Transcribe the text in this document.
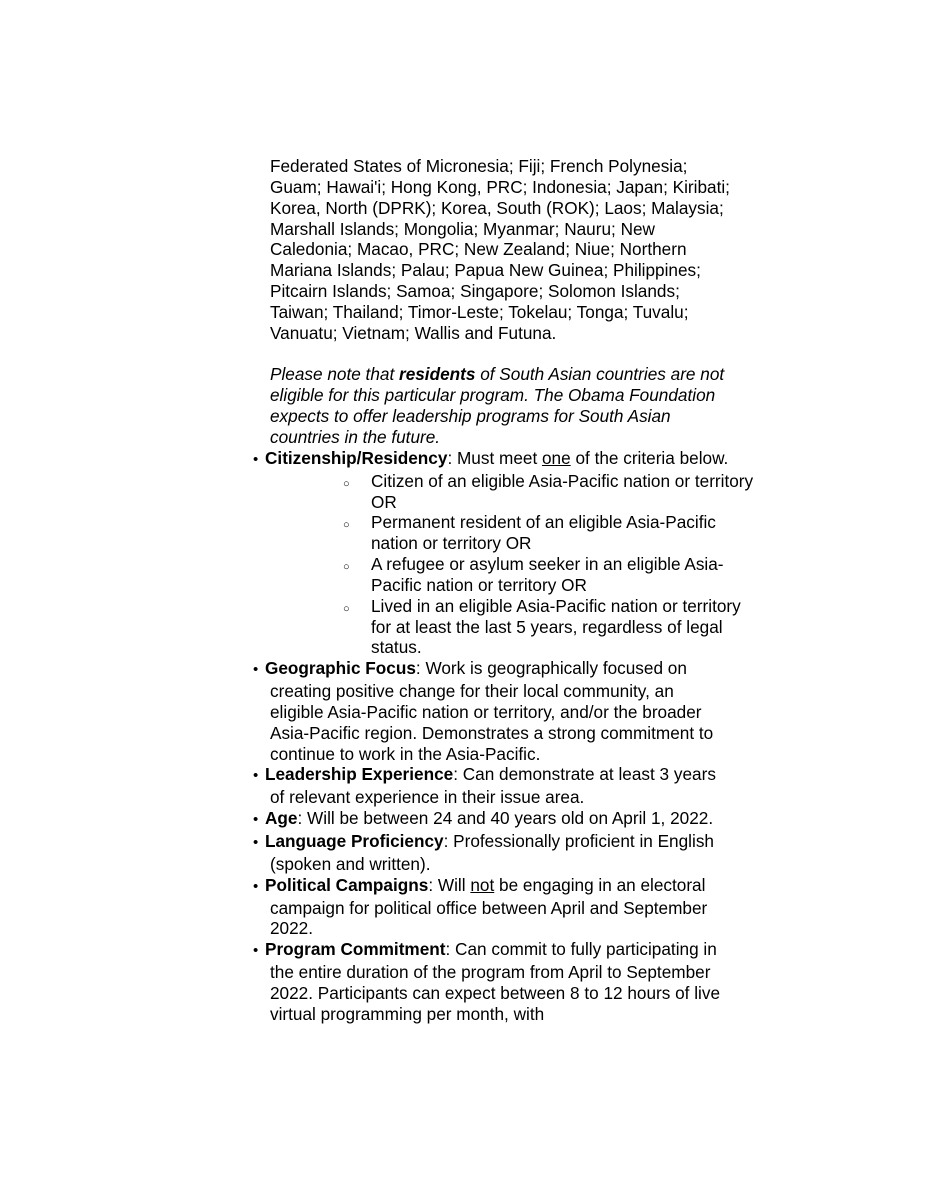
Federated States of Micronesia; Fiji; French Polynesia; Guam; Hawai'i; Hong Kong, PRC; Indonesia; Japan; Kiribati; Korea, North (DPRK); Korea, South (ROK); Laos; Malaysia; Marshall Islands; Mongolia; Myanmar; Nauru; New Caledonia; Macao, PRC; New Zealand; Niue; Northern Mariana Islands; Palau; Papua New Guinea; Philippines; Pitcairn Islands; Samoa; Singapore; Solomon Islands; Taiwan; Thailand; Timor-Leste; Tokelau; Tonga; Tuvalu; Vanuatu; Vietnam; Wallis and Futuna.

Please note that residents of South Asian countries are not eligible for this particular program. The Obama Foundation expects to offer leadership programs for South Asian countries in the future.

•Citizenship/Residency: Must meet one of the criteria below.
○
Citizen of an eligible Asia-Pacific nation or territory OR
○
Permanent resident of an eligible Asia-Pacific nation or territory OR
○
A refugee or asylum seeker in an eligible Asia-Pacific nation or territory OR
○
Lived in an eligible Asia-Pacific nation or territory for at least the last 5 years, regardless of legal status.
•Geographic Focus: Work is geographically focused on creating positive change for their local community, an eligible Asia-Pacific nation or territory, and/or the broader Asia-Pacific region. Demonstrates a strong commitment to continue to work in the Asia-Pacific.
•Leadership Experience: Can demonstrate at least 3 years of relevant experience in their issue area.
•Age: Will be between 24 and 40 years old on April 1, 2022.
•Language Proficiency: Professionally proficient in English (spoken and written).
•Political Campaigns: Will not be engaging in an electoral campaign for political office between April and September 2022.
•Program Commitment: Can commit to fully participating in the entire duration of the program from April to September 2022. Participants can expect between 8 to 12 hours of live virtual programming per month, with
